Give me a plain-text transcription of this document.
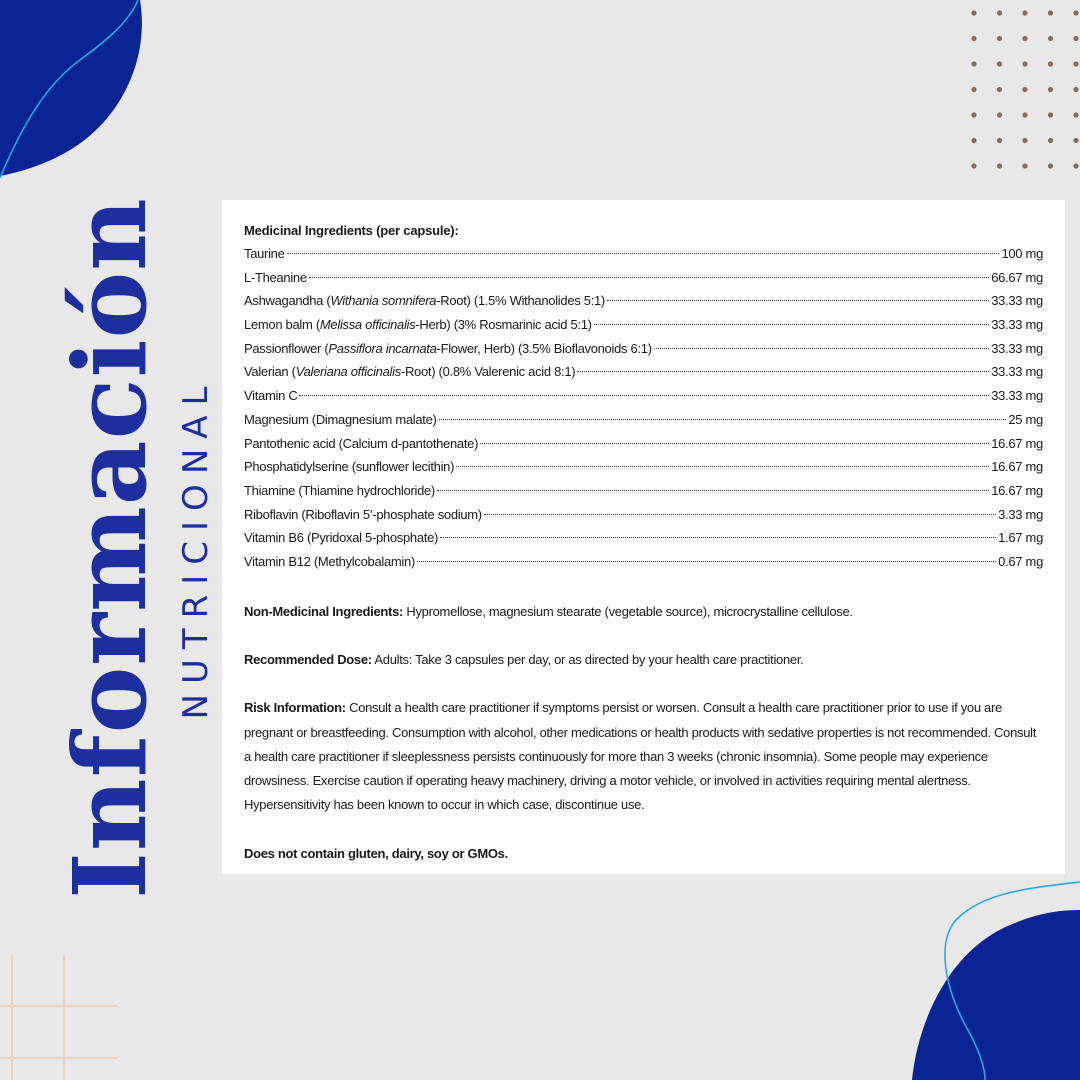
Información NUTRICIONAL
Medicinal Ingredients (per capsule):
Taurine	100 mg
L-Theanine	66.67 mg
Ashwagandha (Withania somnifera-Root) (1.5% Withanolides 5:1)	33.33 mg
Lemon balm (Melissa officinalis-Herb) (3% Rosmarinic acid 5:1)	33.33 mg
Passionflower (Passiflora incarnata-Flower, Herb) (3.5% Bioflavonoids 6:1)	33.33 mg
Valerian (Valeriana officinalis-Root) (0.8% Valerenic acid 8:1)	33.33 mg
Vitamin C	33.33 mg
Magnesium (Dimagnesium malate)	25 mg
Pantothenic acid (Calcium d-pantothenate)	16.67 mg
Phosphatidylserine (sunflower lecithin)	16.67 mg
Thiamine (Thiamine hydrochloride)	16.67 mg
Riboflavin (Riboflavin 5’-phosphate sodium)	3.33 mg
Vitamin B6 (Pyridoxal 5-phosphate)	1.67 mg
Vitamin B12 (Methylcobalamin)	0.67 mg
Non-Medicinal Ingredients: Hypromellose, magnesium stearate (vegetable source), microcrystalline cellulose.
Recommended Dose: Adults: Take 3 capsules per day, or as directed by your health care practitioner.
Risk Information: Consult a health care practitioner if symptoms persist or worsen. Consult a health care practitioner prior to use if you are pregnant or breastfeeding. Consumption with alcohol, other medications or health products with sedative properties is not recommended. Consult a health care practitioner if sleeplessness persists continuously for more than 3 weeks (chronic insomnia). Some people may experience drowsiness. Exercise caution if operating heavy machinery, driving a motor vehicle, or involved in activities requiring mental alertness. Hypersensitivity has been known to occur in which case, discontinue use.
Does not contain gluten, dairy, soy or GMOs.
